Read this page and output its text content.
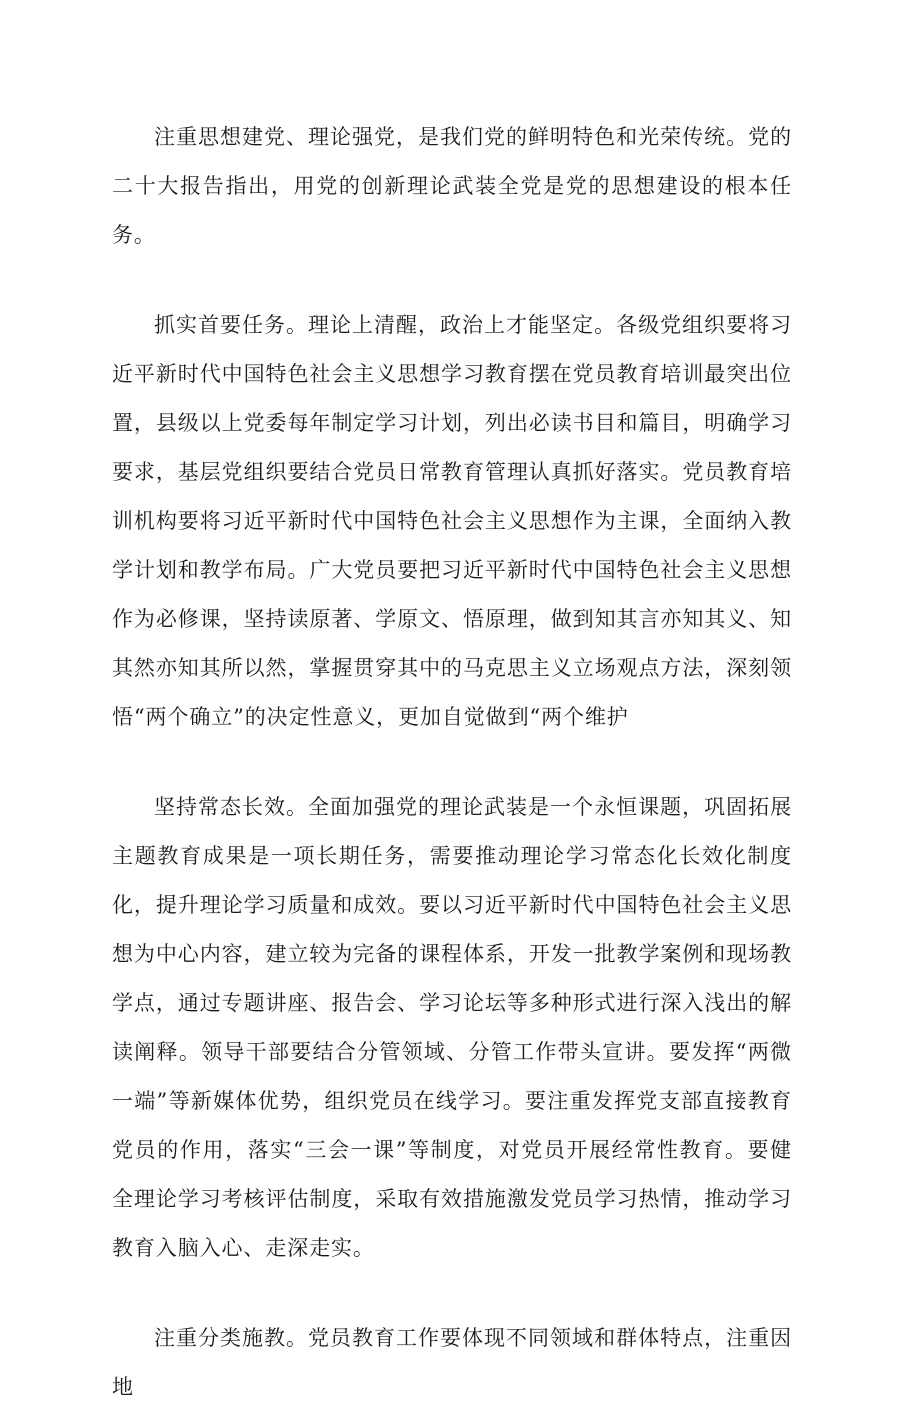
注重思想建党、理论强党，是我们党的鲜明特色和光荣传统。党的二十大报告指出，用党的创新理论武装全党是党的思想建设的根本任务。

抓实首要任务。理论上清醒，政治上才能坚定。各级党组织要将习近平新时代中国特色社会主义思想学习教育摆在党员教育培训最突出位置，县级以上党委每年制定学习计划，列出必读书目和篇目，明确学习要求，基层党组织要结合党员日常教育管理认真抓好落实。党员教育培训机构要将习近平新时代中国特色社会主义思想作为主课，全面纳入教学计划和教学布局。广大党员要把习近平新时代中国特色社会主义思想作为必修课，坚持读原著、学原文、悟原理，做到知其言亦知其义、知其然亦知其所以然，掌握贯穿其中的马克思主义立场观点方法，深刻领悟“两个确立”的决定性意义，更加自觉做到“两个维护

坚持常态长效。全面加强党的理论武装是一个永恒课题，巩固拓展主题教育成果是一项长期任务，需要推动理论学习常态化长效化制度化，提升理论学习质量和成效。要以习近平新时代中国特色社会主义思想为中心内容，建立较为完备的课程体系，开发一批教学案例和现场教学点，通过专题讲座、报告会、学习论坛等多种形式进行深入浅出的解读阐释。领导干部要结合分管领域、分管工作带头宣讲。要发挥“两微一端”等新媒体优势，组织党员在线学习。要注重发挥党支部直接教育党员的作用，落实“三会一课”等制度，对党员开展经常性教育。要健全理论学习考核评估制度，采取有效措施激发党员学习热情，推动学习教育入脑入心、走深走实。

注重分类施教。党员教育工作要体现不同领域和群体特点，注重因地
